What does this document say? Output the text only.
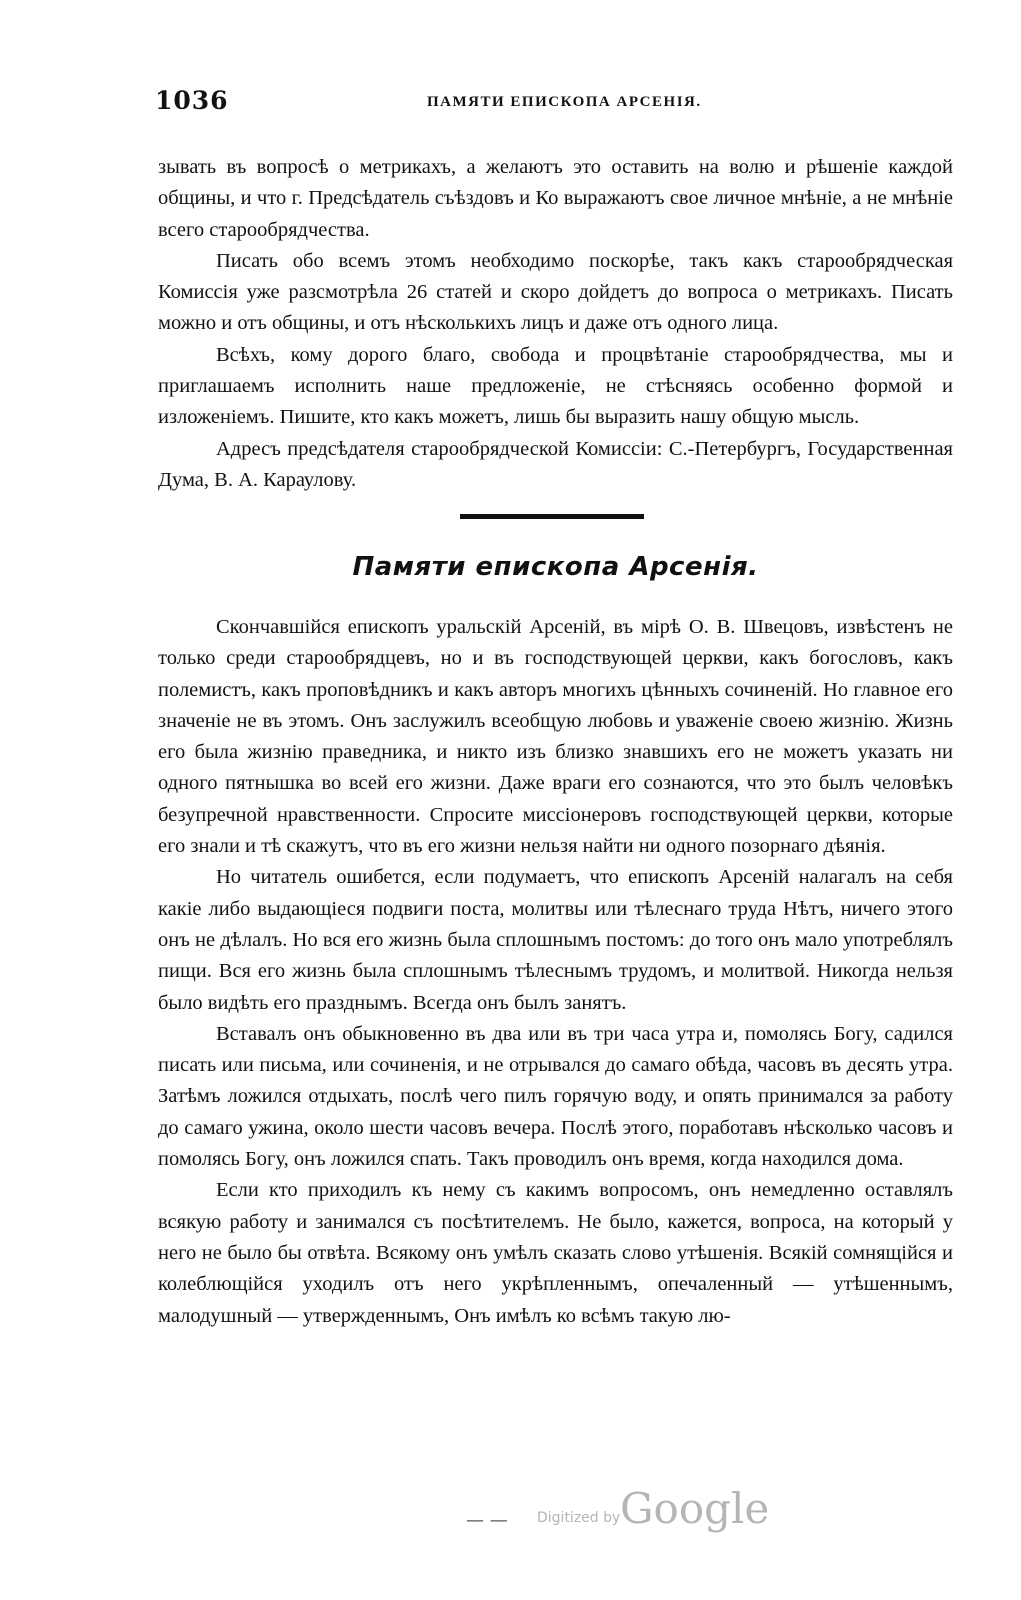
1036	ПАМЯТИ ЕПИСКОПА АРСЕНІЯ.

зывать въ вопросѣ о метрикахъ, а желаютъ это оставить на волю и рѣшеніе каждой общины, и что г. Предсѣдатель съѣздовъ и Ко выражаютъ свое личное мнѣніе, а не мнѣніе всего старообрядчества.

Писать обо всемъ этомъ необходимо поскорѣе, такъ какъ старообрядческая Комиссія уже разсмотрѣла 26 статей и скоро дойдетъ до вопроса о метрикахъ. Писать можно и отъ общины, и отъ нѣсколькихъ лицъ и даже отъ одного лица.

Всѣхъ, кому дорого благо, свобода и процвѣтаніе старообрядчества, мы и приглашаемъ исполнить наше предложеніе, не стѣсняясь особенно формой и изложеніемъ. Пишите, кто какъ можетъ, лишь бы выразить нашу общую мысль.

Адресъ предсѣдателя старообрядческой Комиссіи: С.-Петербургъ, Государственная Дума, В. А. Караулову.

Памяти епископа Арсенія.

Скончавшійся епископъ уральскій Арсеній, въ мірѣ О. В. Швецовъ, извѣстенъ не только среди старообрядцевъ, но и въ господствующей церкви, какъ богословъ, какъ полемистъ, какъ проповѣдникъ и какъ авторъ многихъ цѣнныхъ сочиненій. Но главное его значеніе не въ этомъ. Онъ заслужилъ всеобщую любовь и уваженіе своею жизнію. Жизнь его была жизнію праведника, и никто изъ близко знавшихъ его не можетъ указать ни одного пятнышка во всей его жизни. Даже враги его сознаются, что это былъ человѣкъ безупречной нравственности. Спросите миссіонеровъ господствующей церкви, которые его знали и тѣ скажутъ, что въ его жизни нельзя найти ни одного позорнаго дѣянія.

Но читатель ошибется, если подумаетъ, что епископъ Арсеній налагалъ на себя какіе либо выдающіеся подвиги поста, молитвы или тѣлеснаго труда Нѣтъ, ничего этого онъ не дѣлалъ. Но вся его жизнь была сплошнымъ постомъ: до того онъ мало употреблялъ пищи. Вся его жизнь была сплошнымъ тѣлеснымъ трудомъ, и молитвой. Никогда нельзя было видѣть его празднымъ. Всегда онъ былъ занятъ.

Вставалъ онъ обыкновенно въ два или въ три часа утра и, помолясь Богу, садился писать или письма, или сочиненія, и не отрывался до самаго обѣда, часовъ въ десять утра. Затѣмъ ложился отдыхать, послѣ чего пилъ горячую воду, и опять принимался за работу до самаго ужина, около шести часовъ вечера. Послѣ этого, поработавъ нѣсколько часовъ и помолясь Богу, онъ ложился спать. Такъ проводилъ онъ время, когда находился дома.

Если кто приходилъ къ нему съ какимъ вопросомъ, онъ немедленно оставлялъ всякую работу и занимался съ посѣтителемъ. Не было, кажется, вопроса, на который у него не было бы отвѣта. Всякому онъ умѣлъ сказать слово утѣшенія. Всякій сомнящійся и колеблющійся уходилъ отъ него укрѣпленнымъ, опечаленный — утѣшеннымъ, малодушный — утвержденнымъ, Онъ имѣлъ ко всѣмъ такую лю-

— — Digitized by Google
